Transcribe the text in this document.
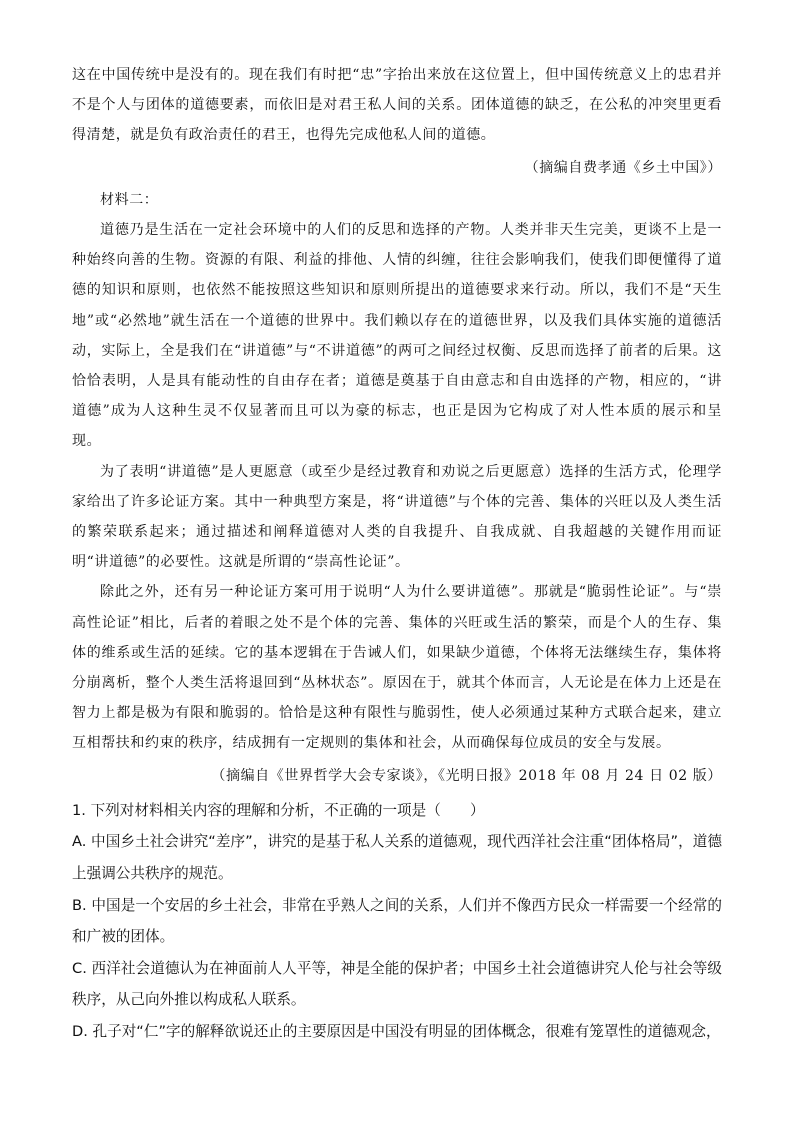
这在中国传统中是没有的。现在我们有时把“忠”字抬出来放在这位置上，但中国传统意义上的忠君并不是个人与团体的道德要素，而依旧是对君王私人间的关系。团体道德的缺乏，在公私的冲突里更看得清楚，就是负有政治责任的君王，也得先完成他私人间的道德。

（摘编自费孝通《乡土中国》）

材料二：

道德乃是生活在一定社会环境中的人们的反思和选择的产物。人类并非天生完美，更谈不上是一种始终向善的生物。资源的有限、利益的排他、人情的纠缠，往往会影响我们，使我们即便懂得了道德的知识和原则，也依然不能按照这些知识和原则所提出的道德要求来行动。所以，我们不是“天生地”或“必然地”就生活在一个道德的世界中。我们赖以存在的道德世界，以及我们具体实施的道德活动，实际上，全是我们在“讲道德”与“不讲道德”的两可之间经过权衡、反思而选择了前者的后果。这恰恰表明，人是具有能动性的自由存在者；道德是奠基于自由意志和自由选择的产物，相应的，“讲道德”成为人这种生灵不仅显著而且可以为豪的标志，也正是因为它构成了对人性本质的展示和呈现。

为了表明“讲道德”是人更愿意（或至少是经过教育和劝说之后更愿意）选择的生活方式，伦理学家给出了许多论证方案。其中一种典型方案是，将“讲道德”与个体的完善、集体的兴旺以及人类生活的繁荣联系起来；通过描述和阐释道德对人类的自我提升、自我成就、自我超越的关键作用而证明“讲道德”的必要性。这就是所谓的“崇高性论证”。

除此之外，还有另一种论证方案可用于说明“人为什么要讲道德”。那就是“脆弱性论证”。与“崇高性论证”相比，后者的着眼之处不是个体的完善、集体的兴旺或生活的繁荣，而是个人的生存、集体的维系或生活的延续。它的基本逻辑在于告诫人们，如果缺少道德，个体将无法继续生存，集体将分崩离析，整个人类生活将退回到“丛林状态”。原因在于，就其个体而言，人无论是在体力上还是在智力上都是极为有限和脆弱的。恰恰是这种有限性与脆弱性，使人必须通过某种方式联合起来，建立互相帮扶和约束的秩序，结成拥有一定规则的集体和社会，从而确保每位成员的安全与发展。

（摘编自《世界哲学大会专家谈》，《光明日报》2018 年 08 月 24 日 02 版）

1. 下列对材料相关内容的理解和分析，不正确的一项是（　　）

A. 中国乡土社会讲究“差序”，讲究的是基于私人关系的道德观，现代西洋社会注重“团体格局”，道德上强调公共秩序的规范。

B. 中国是一个安居的乡土社会，非常在乎熟人之间的关系，人们并不像西方民众一样需要一个经常的和广被的团体。

C. 西洋社会道德认为在神面前人人平等，神是全能的保护者；中国乡土社会道德讲究人伦与社会等级秩序，从己向外推以构成私人联系。

D. 孔子对“仁”字的解释欲说还止的主要原因是中国没有明显的团体概念，很难有笼罩性的道德观念，
